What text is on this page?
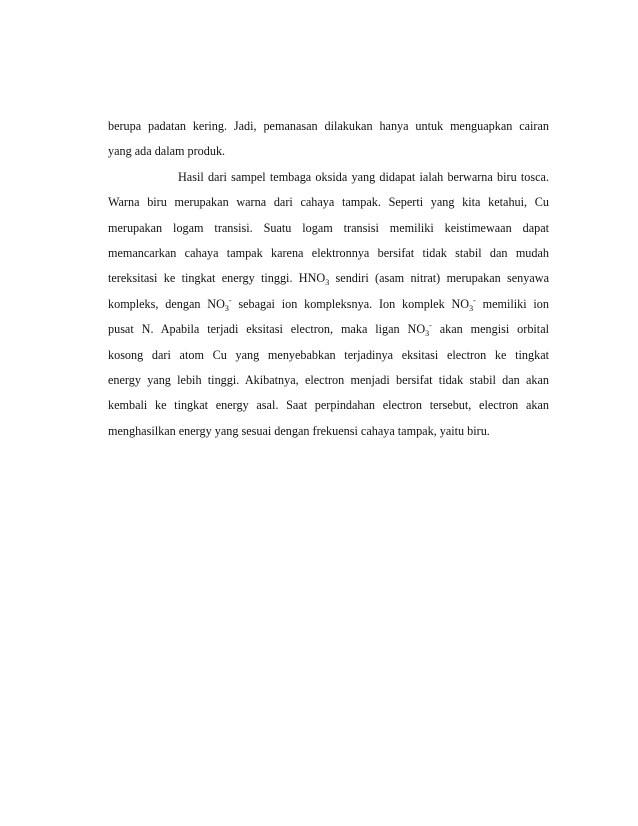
berupa padatan kering. Jadi, pemanasan dilakukan hanya untuk menguapkan cairan
yang ada dalam produk.
Hasil dari sampel tembaga oksida yang didapat ialah berwarna biru tosca.
Warna biru merupakan warna dari cahaya tampak. Seperti yang kita ketahui, Cu
merupakan logam transisi. Suatu logam transisi memiliki keistimewaan dapat
memancarkan cahaya tampak karena elektronnya bersifat tidak stabil dan mudah
tereksitasi ke tingkat energy tinggi. $HNO_3$ sendiri (asam nitrat) merupakan senyawa
kompleks, dengan $NO_3^-$ sebagai ion kompleksnya. Ion komplek $NO_3^-$ memiliki ion
pusat N. Apabila terjadi eksitasi electron, maka ligan $NO_3^-$ akan mengisi orbital
kosong dari atom Cu yang menyebabkan terjadinya eksitasi electron ke tingkat
energy yang lebih tinggi. Akibatnya, electron menjadi bersifat tidak stabil dan akan
kembali ke tingkat energy asal. Saat perpindahan electron tersebut, electron akan
menghasilkan energy yang sesuai dengan frekuensi cahaya tampak, yaitu biru.
